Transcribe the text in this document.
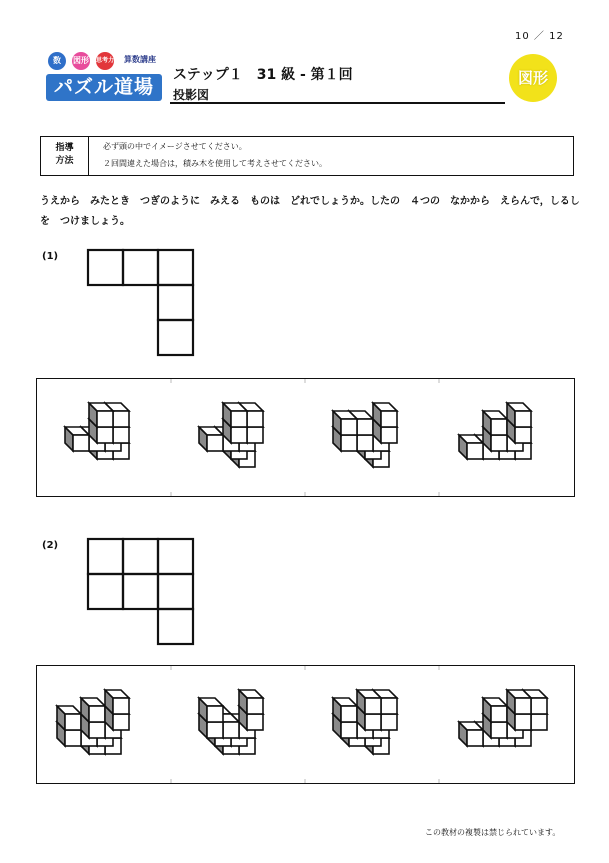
10 ／ 12
数	図形 思考力 算数講座
パズル道場
ステップ１　31 級 - 第１回
投影図
図形
指導
方法
必ず頭の中でイメージさせてください。
２回間違えた場合は，積み木を使用して考えさせてください。
うえから　みたとき　つぎのように　みえる　ものは　どれでしょうか。したの　４つの　なかから　えらんで，しるしを　つけましょう。
(1)
(2)
この教材の複製は禁じられています。
